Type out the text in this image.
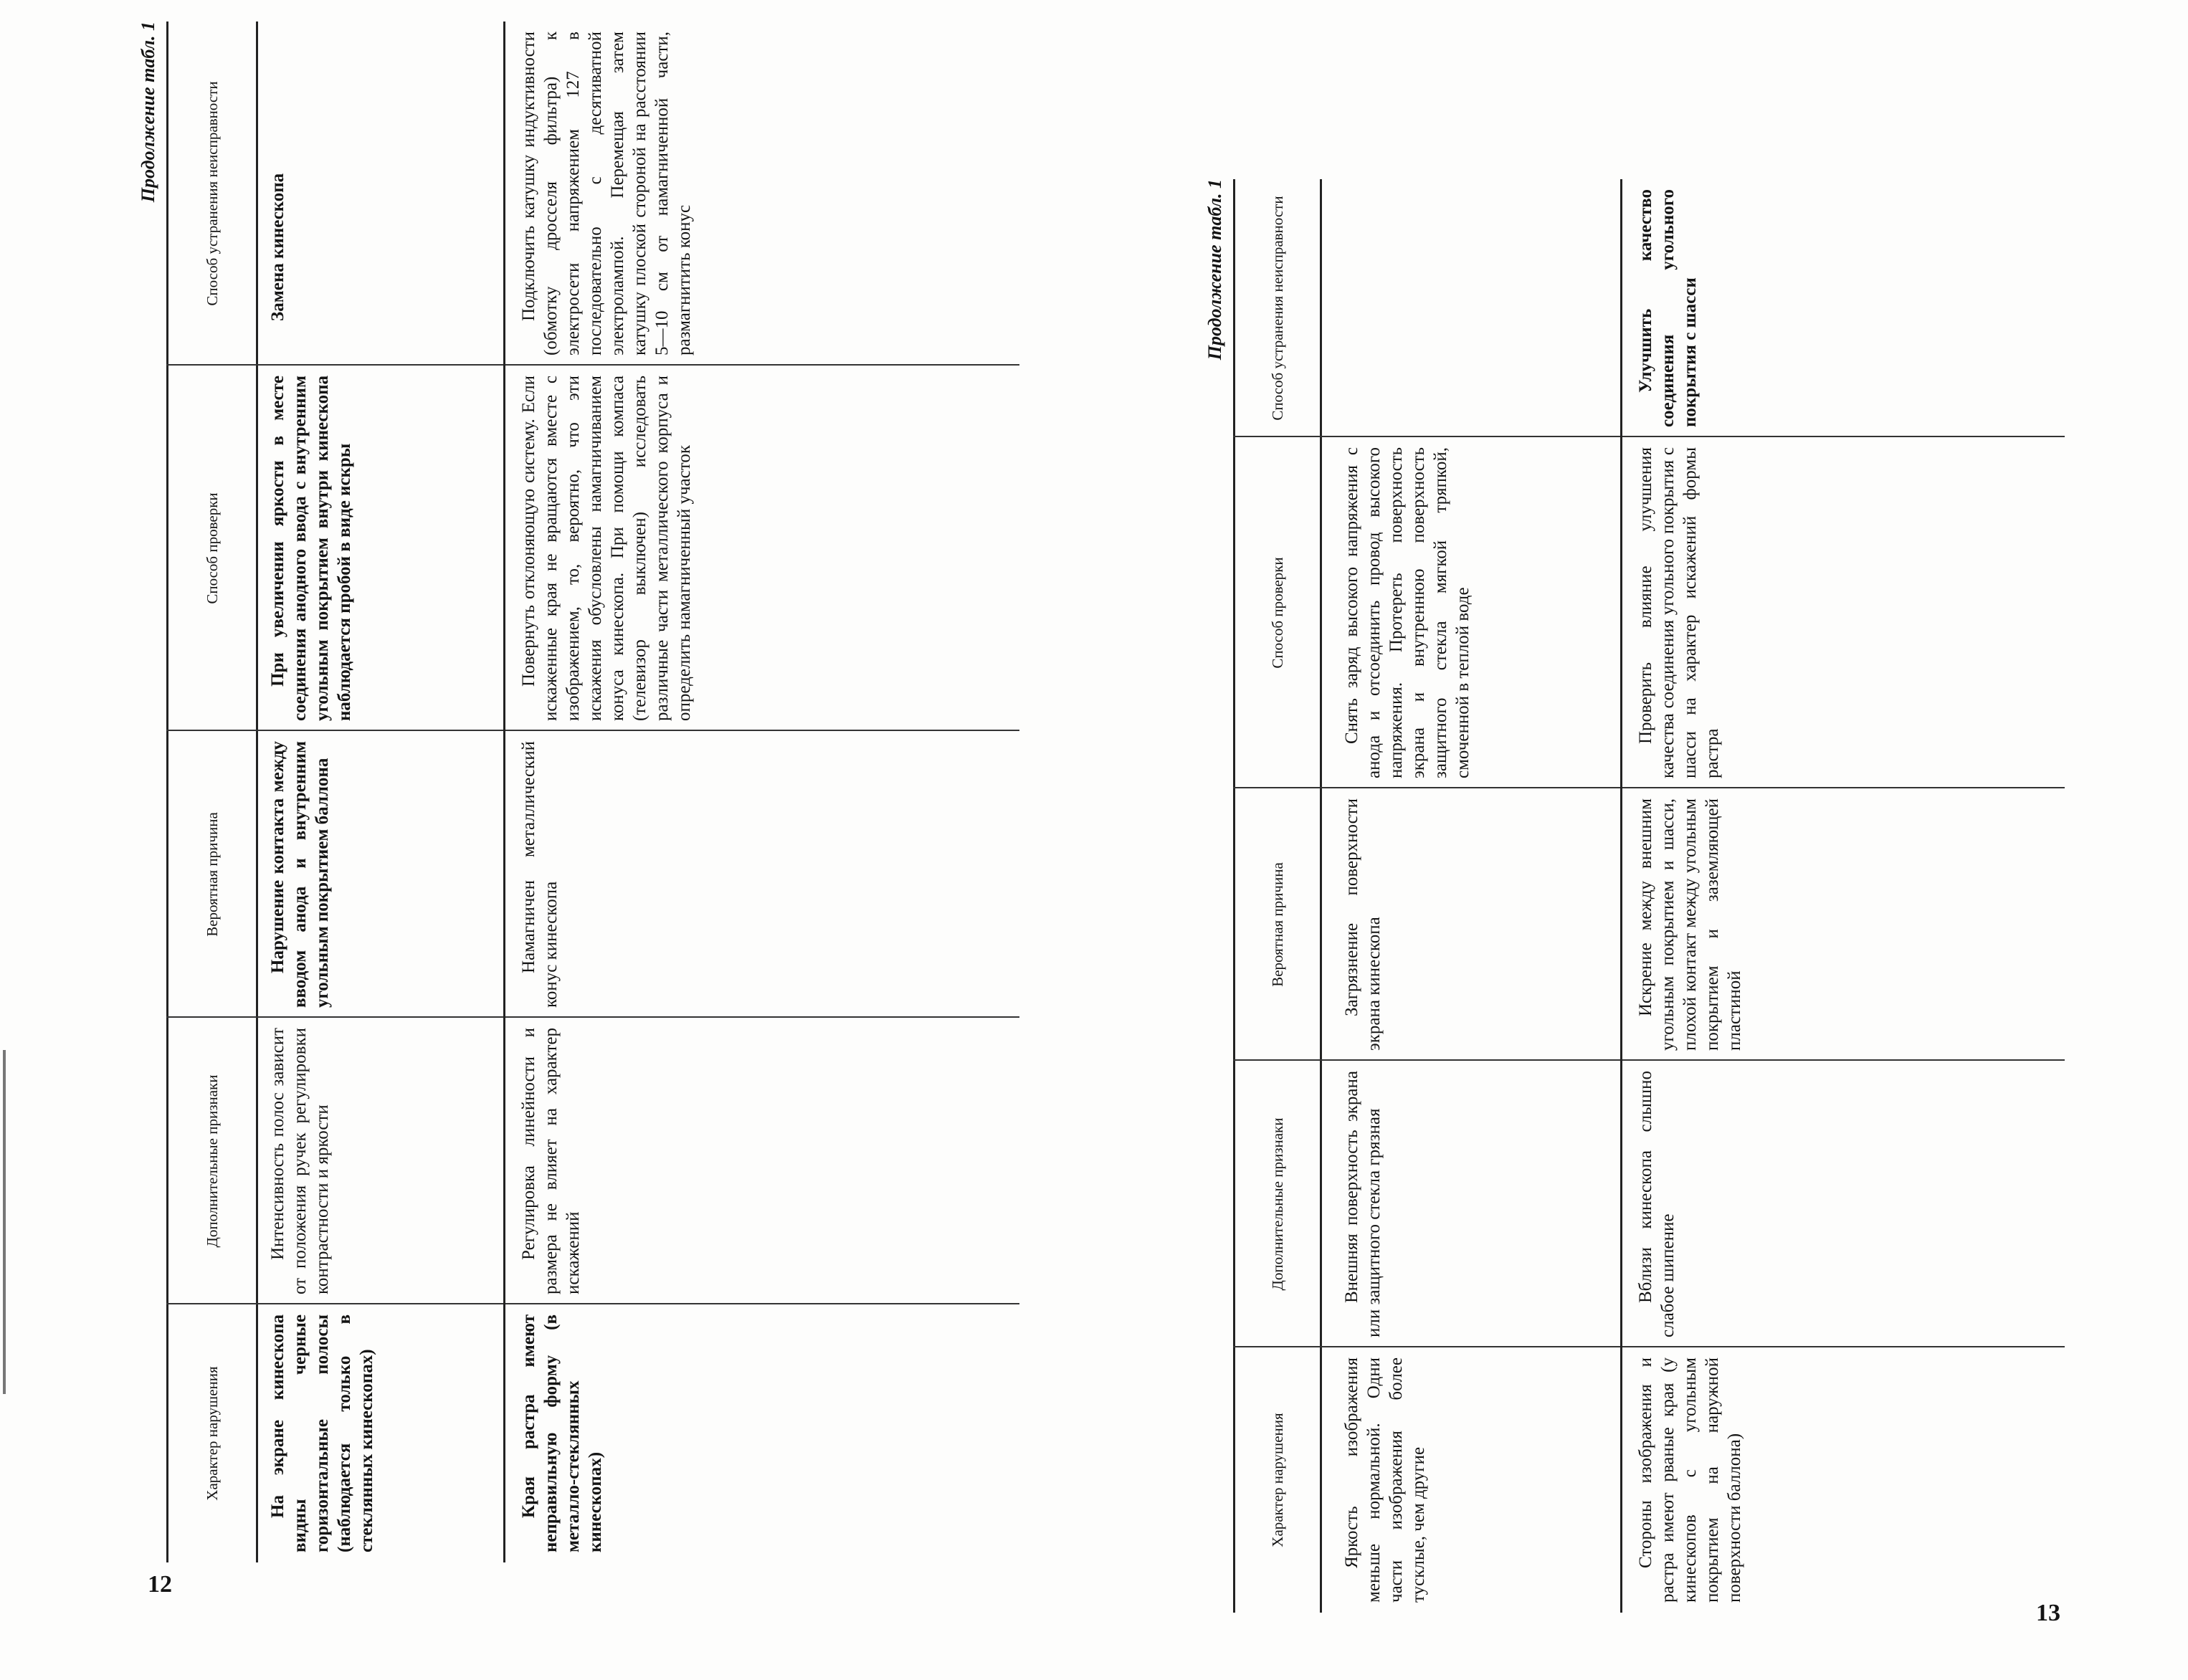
12
Продолжение табл. 1
Характер нарушения
Дополнительные признаки
Вероятная причина
Способ проверки
Способ устранения неисправности

На экране кинескопа видны черные горизонтальные полосы (наблюдается только в стеклянных кинескопах)

Интенсивность полос зависит от положения ручек регулировки контрастности и яркости

Нарушение контакта между вводом анода и внутренним угольным покрытием баллона

При увеличении яркости в месте соединения анодного ввода с внутренним угольным покрытием внутри кинескопа наблюдается пробой в виде искры

Замена кинескопа

Края растра имеют неправильную форму (в металло-стеклянных кинескопах)

Регулировка линейности и размера не влияет на характер искажений

Намагничен металлический конус кинескопа

Повернуть отклоняющую систему. Если искаженные края не вращаются вместе с изображением, то, вероятно, что эти искажения обусловлены намагничиванием конуса кинескопа. При помощи компаса (телевизор выключен) исследовать различные части металлического корпуса и определить намагниченный участок

Подключить катушку индуктивности (обмотку дросселя фильтра) к электросети напряжением 127 в последовательно с десятиватной электролампой. Перемещая затем катушку плоской стороной на расстоянии 5—10 см от намагниченной части, размагнитить конус

13
Продолжение табл. 1
Характер нарушения
Дополнительные признаки
Вероятная причина
Способ проверки
Способ устранения неисправности

Яркость изображения меньше нормальной. Одни части изображения более тусклые, чем другие

Внешняя поверхность экрана или защитного стекла грязная

Загрязнение поверхности экрана кинескопа

Снять заряд высокого напряжения с анода и отсоединить провод высокого напряжения. Протереть поверхность экрана и внутреннюю поверхность защитного стекла мягкой тряпкой, смоченной в теплой воде

Стороны изображения и растра имеют рваные края (у кинескопов с угольным покрытием на наружной поверхности баллона)

Вблизи кинескопа слышно слабое шипение

Искрение между внешним угольным покрытием и шасси, плохой контакт между угольным покрытием и заземляющей пластиной

Проверить влияние улучшения качества соединения угольного покрытия с шасси на характер искажений формы растра

Улучшить качество соединения угольного покрытия с шасси
